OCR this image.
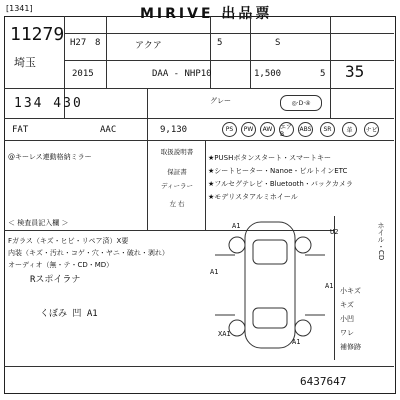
[1341]	MIRIVE 出品票
11279
埼玉
H27 8	アクア	5	S
2015	DAA - NHP10	1,500	5 35
134 430	グレー	◎·D·④
FAT	AAC	9,130	PS	PW	AW	エアB
ABS	SR	革	ナビ
@キーレス連動格納ミラー
取扱説明書
保証書
ディーラー
左 右
★PUSHボタンスタート・スマートキー
★シートヒーター・Nanoe・ビルトインETC
★フルセグテレビ・Bluetooth・バックカメラ
★モデリスタアルミホイール
＜ 検査員記入欄 ＞
Fガラス（キズ・ヒビ・リペア済）X要
内装（キズ・汚れ・コゲ・穴・ヤニ・破れ・剥れ）
オーディオ（無・テ・CD・MD）
Rスポイラナ
くぼみ 凹 A1
A1
A1
A1
A1
U2
XA1
ホイル・CD
小キズ
キズ
小凹
ワレ
補修跡
6437647
